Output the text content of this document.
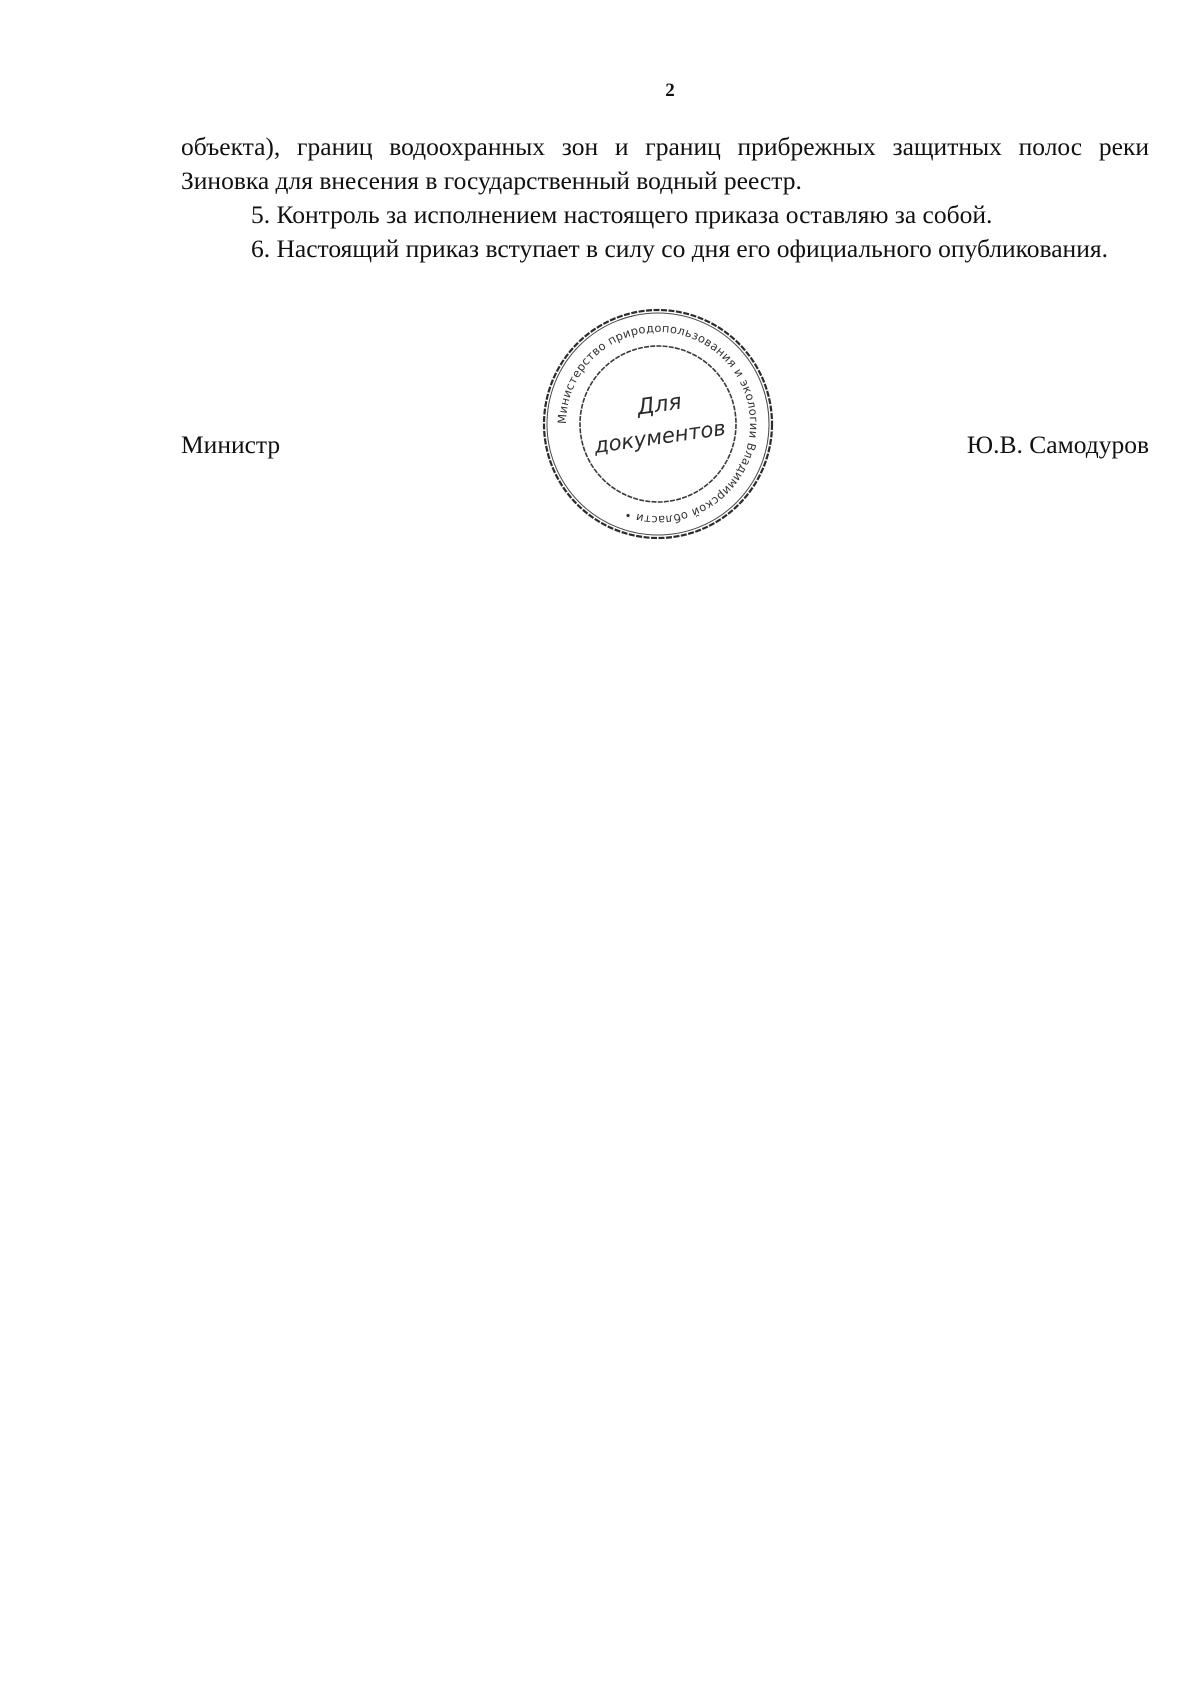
2

объекта), границ водоохранных зон и границ прибрежных защитных полос реки Зиновка для внесения в государственный водный реестр.

5. Контроль за исполнением настоящего приказа оставляю за собой.

6. Настоящий приказ вступает в силу со дня его официального опубликования.

Министерство природопользования и экологии Владимирской области •
Для
документов
Министр	Ю.В. Самодуров
